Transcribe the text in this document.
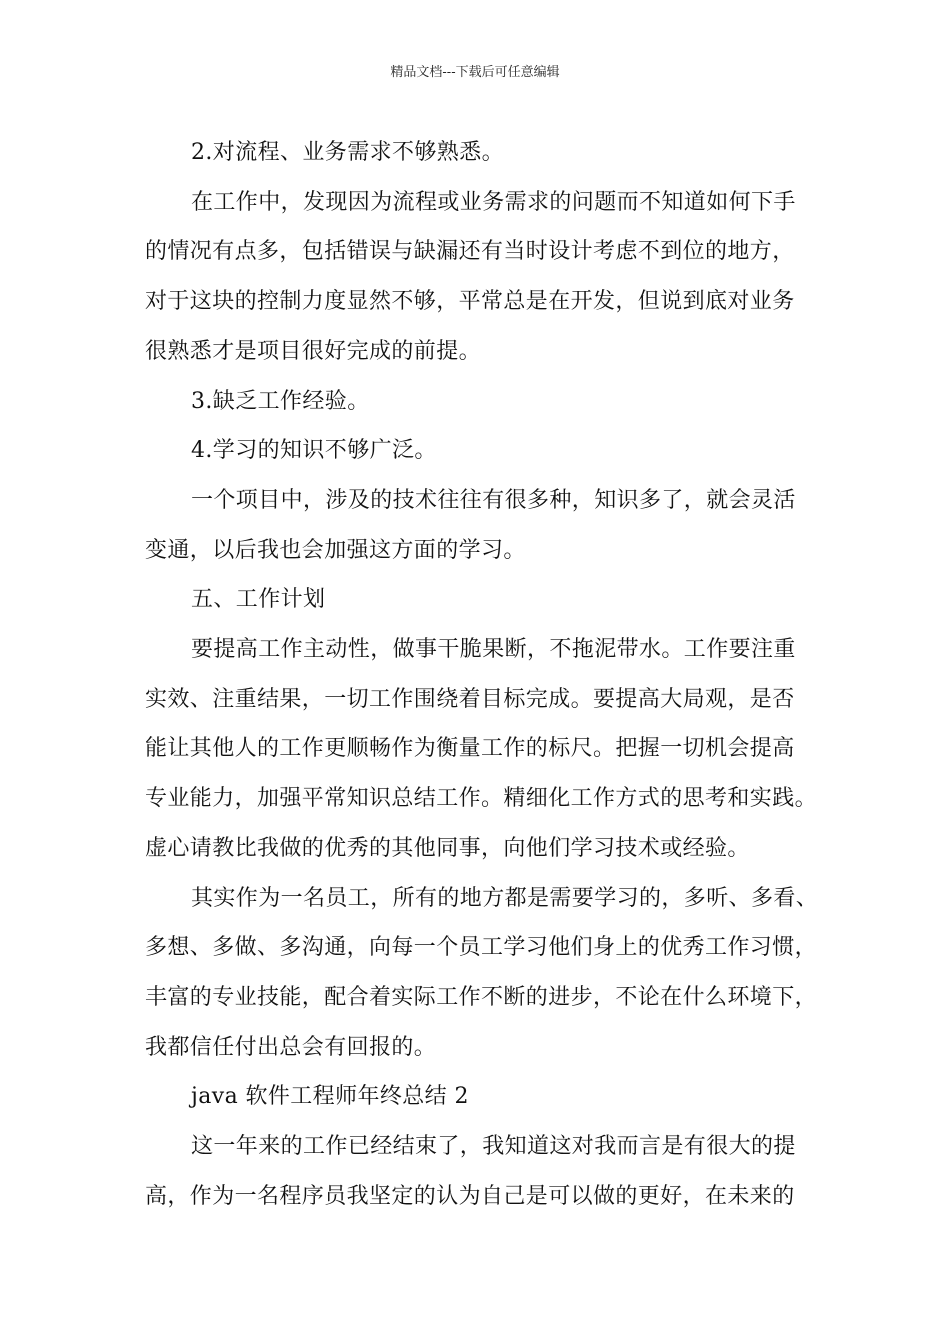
精品文档---下载后可任意编辑

2.对流程、业务需求不够熟悉。

在工作中，发现因为流程或业务需求的问题而不知道如何下手

的情况有点多，包括错误与缺漏还有当时设计考虑不到位的地方，

对于这块的控制力度显然不够，平常总是在开发，但说到底对业务

很熟悉才是项目很好完成的前提。

3.缺乏工作经验。

4.学习的知识不够广泛。

一个项目中，涉及的技术往往有很多种，知识多了，就会灵活

变通，以后我也会加强这方面的学习。

五、工作计划

要提高工作主动性，做事干脆果断，不拖泥带水。工作要注重

实效、注重结果，一切工作围绕着目标完成。要提高大局观，是否

能让其他人的工作更顺畅作为衡量工作的标尺。把握一切机会提高

专业能力，加强平常知识总结工作。精细化工作方式的思考和实践。

虚心请教比我做的优秀的其他同事，向他们学习技术或经验。

其实作为一名员工，所有的地方都是需要学习的，多听、多看、

多想、多做、多沟通，向每一个员工学习他们身上的优秀工作习惯，

丰富的专业技能，配合着实际工作不断的进步，不论在什么环境下，

我都信任付出总会有回报的。

java 软件工程师年终总结 2

这一年来的工作已经结束了，我知道这对我而言是有很大的提

高，作为一名程序员我坚定的认为自己是可以做的更好，在未来的
